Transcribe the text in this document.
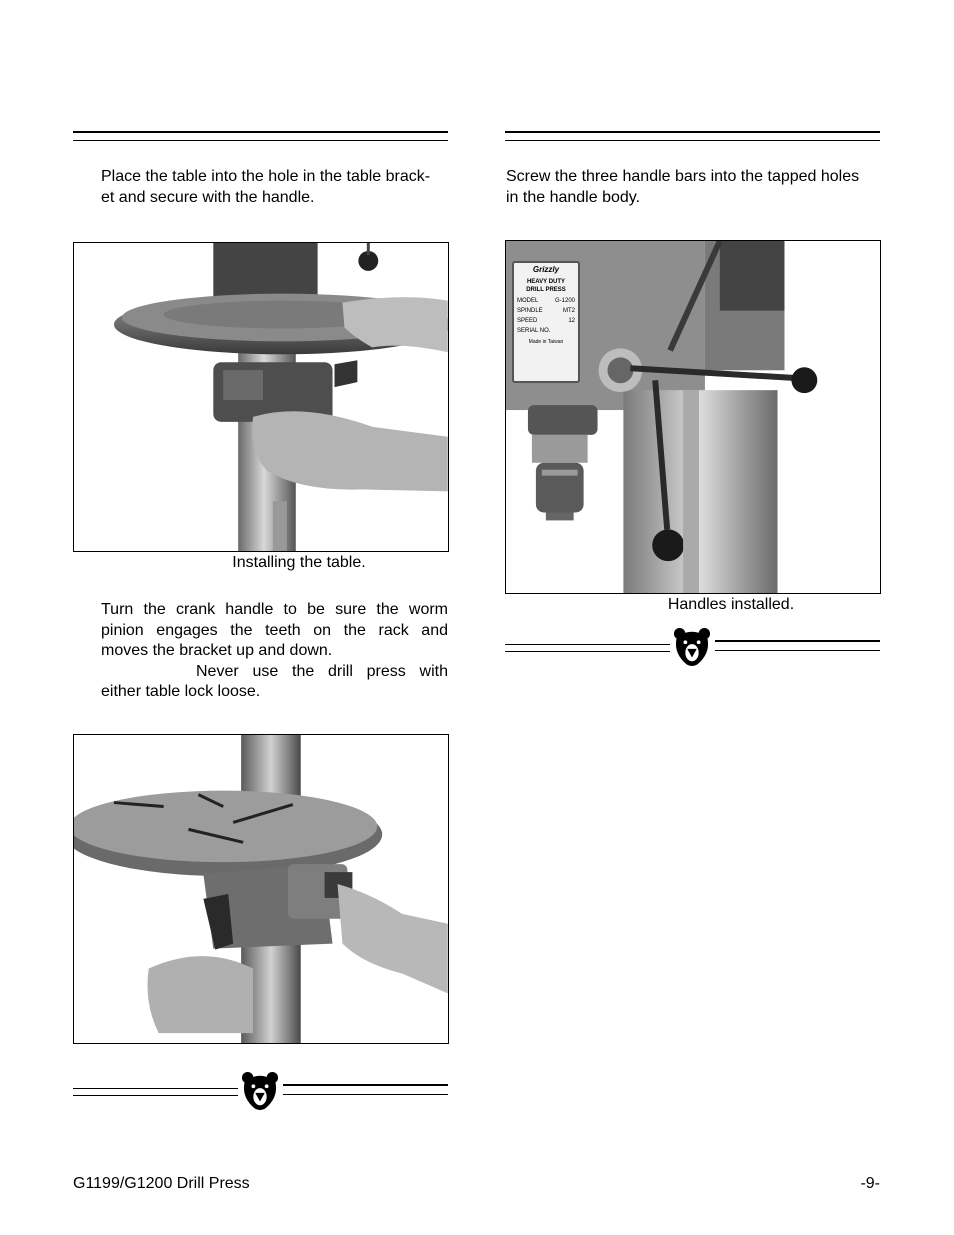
Place the table into the hole in the table brack-
et and secure with the handle.

Installing the table.

Turn the crank handle to be sure the worm
pinion engages the teeth on the rack and
moves the bracket up and down.
Never use the drill press with

either table lock loose.

Screw the three handle bars into the tapped holes
in the handle body.

Grizzly
HEAVY DUTY
DRILL PRESS
MODEL	G-1200
SPINDLE	MT2
SPEED	12
SERIAL NO.
Made in Taiwan
Handles installed.
G1199/G1200 Drill Press	-9-
